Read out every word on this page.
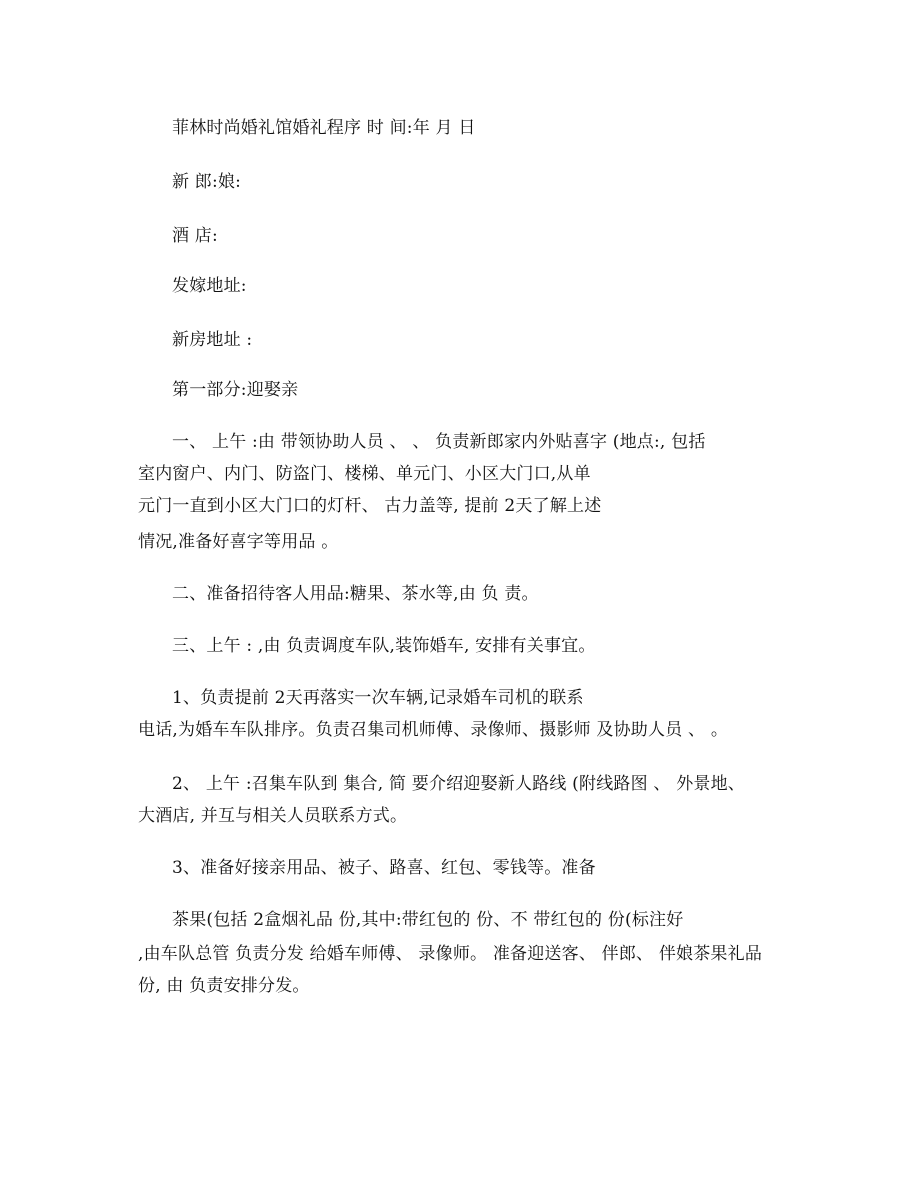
菲林时尚婚礼馆婚礼程序 时 间:年 月 日
新 郎:娘:
酒 店:
发嫁地址:
新房地址 :
第一部分:迎娶亲
一、 上午 :由 带领协助人员 、 、 负责新郎家内外贴喜字 (地点:, 包括
室内窗户、内门、防盗门、楼梯、单元门、小区大门口,从单
元门一直到小区大门口的灯杆、 古力盖等, 提前 2天了解上述
情况,准备好喜字等用品 。
二、准备招待客人用品:糖果、茶水等,由 负 责。
三、上午 : ,由 负责调度车队,装饰婚车, 安排有关事宜。
1、负责提前 2天再落实一次车辆,记录婚车司机的联系
电话,为婚车车队排序。负责召集司机师傅、录像师、摄影师 及协助人员 、 。
2、 上午 :召集车队到 集合, 简 要介绍迎娶新人路线 (附线路图 、 外景地、
大酒店, 并互与相关人员联系方式。
3、准备好接亲用品、被子、路喜、红包、零钱等。准备
茶果(包括 2盒烟礼品 份,其中:带红包的 份、不 带红包的 份(标注好
,由车队总管 负责分发 给婚车师傅、 录像师。 准备迎送客、 伴郎、 伴娘茶果礼品
份, 由 负责安排分发。
